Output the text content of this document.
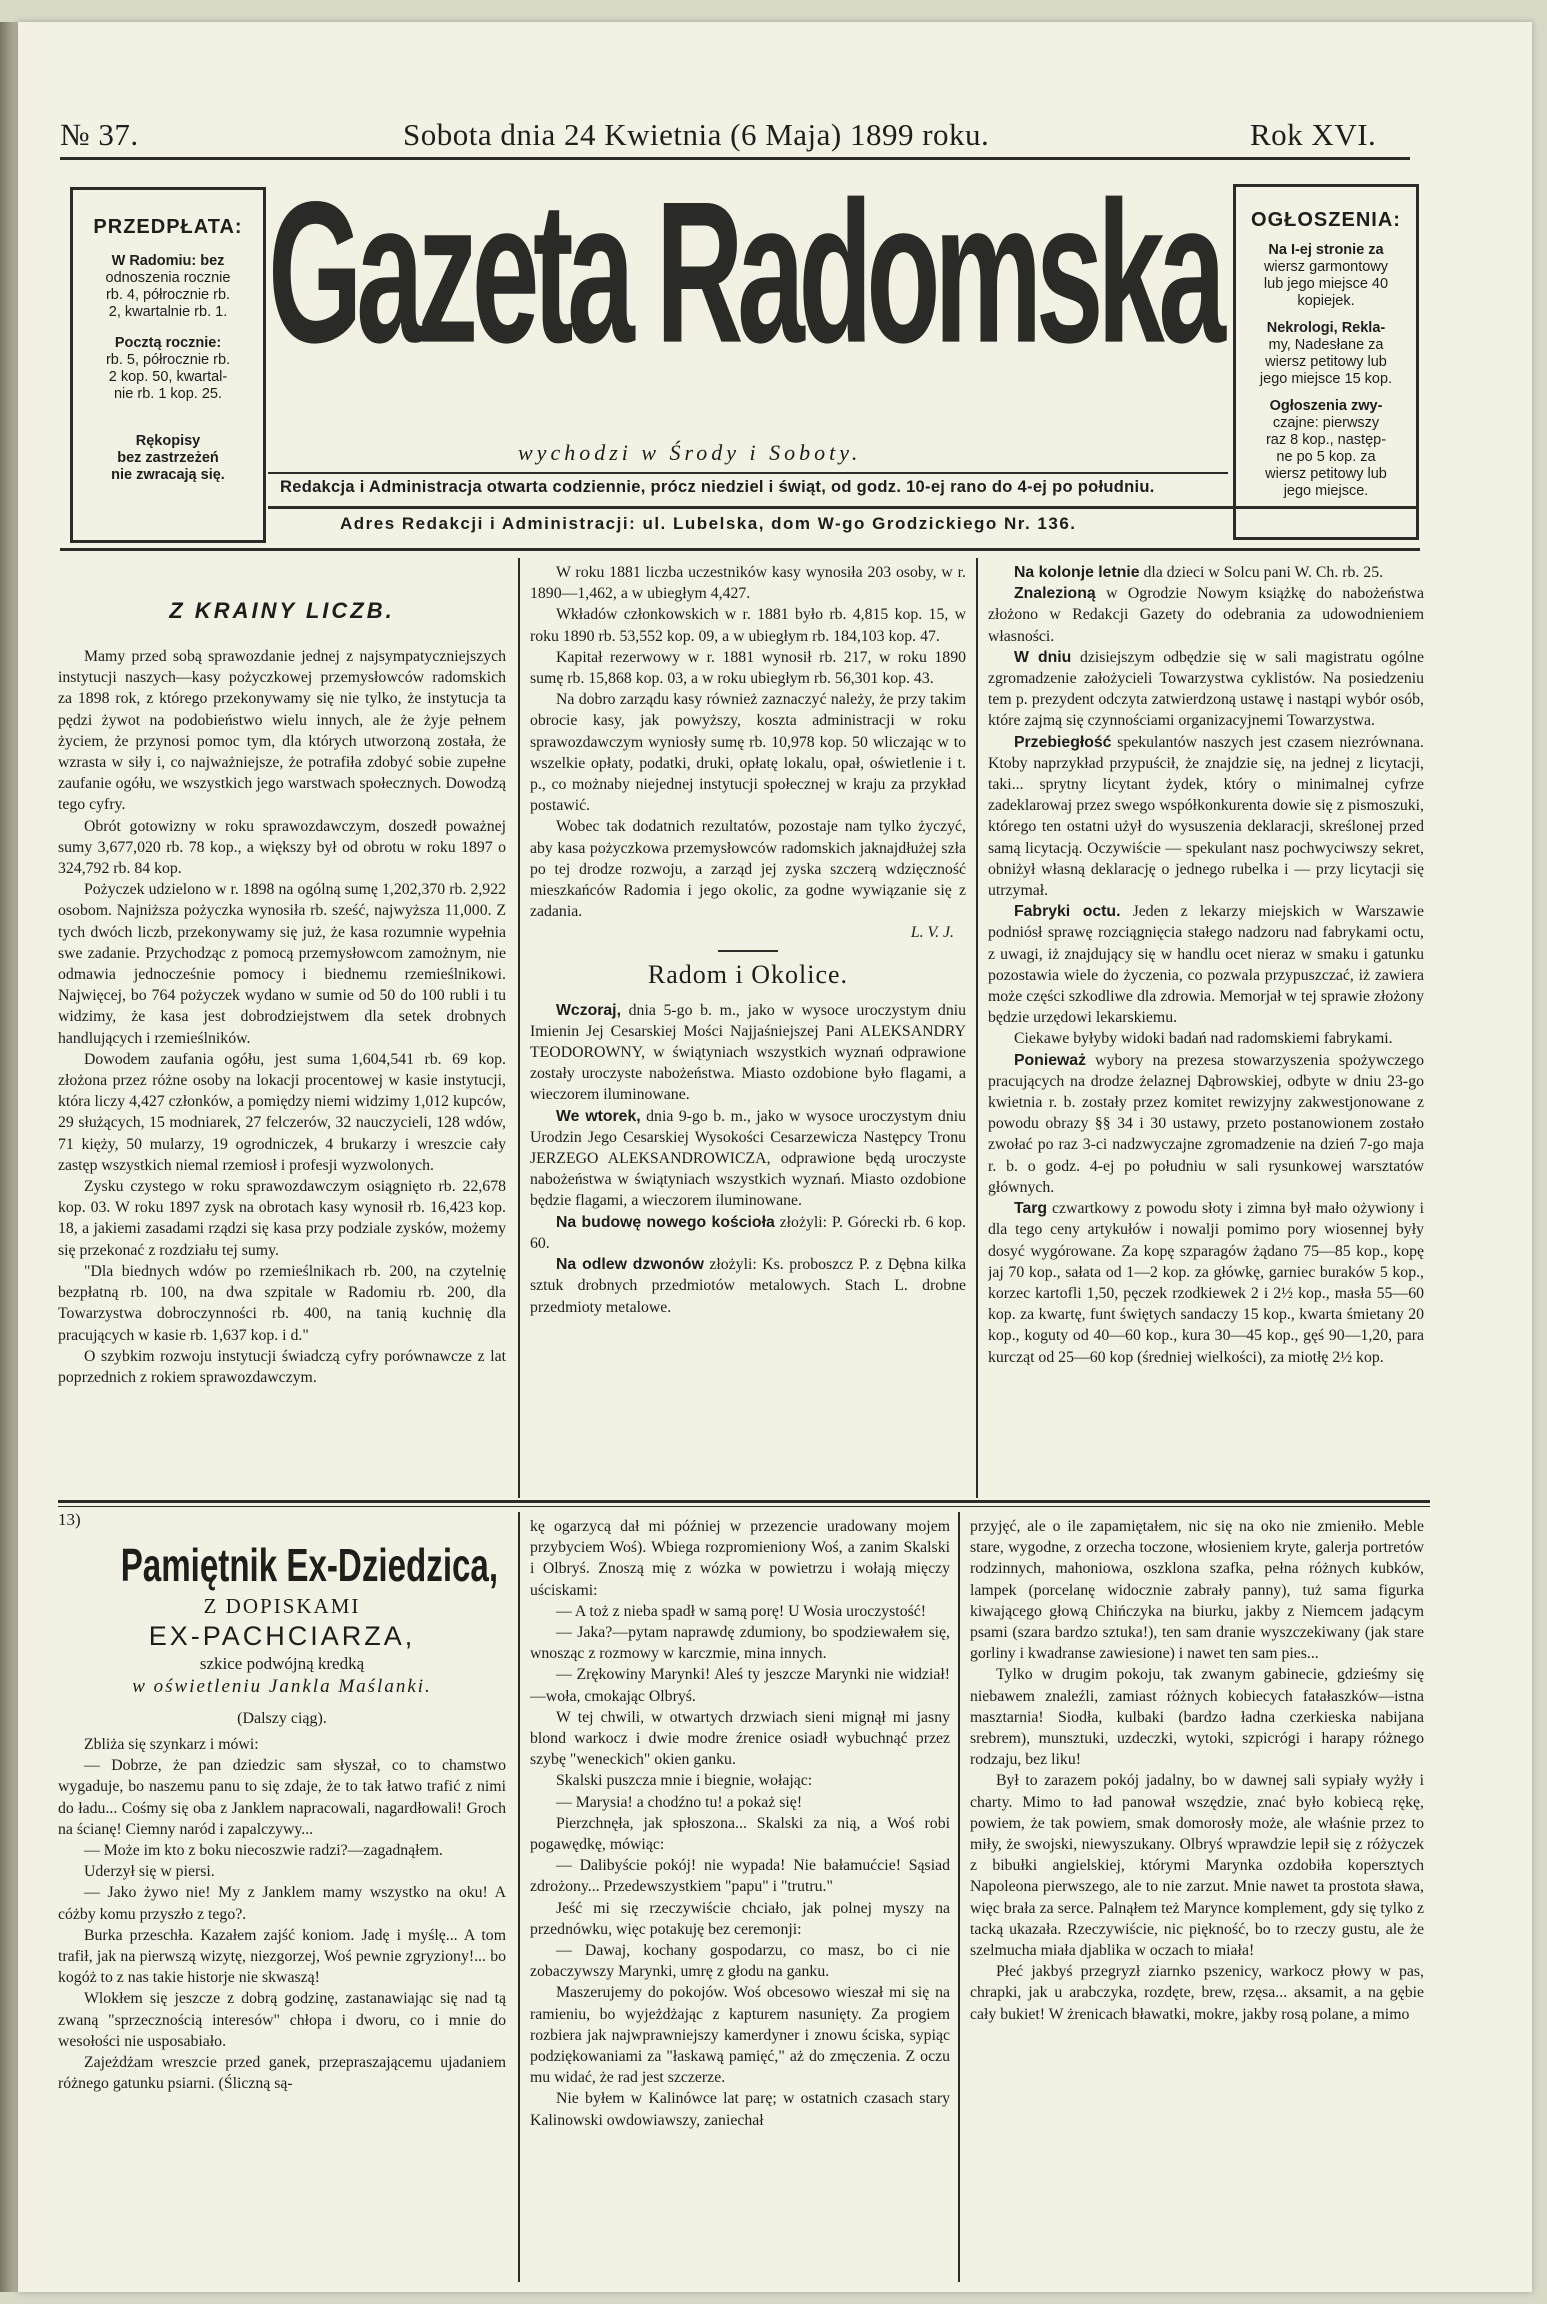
№ 37.	Sobota dnia 24 Kwietnia (6 Maja) 1899 roku.	Rok XVI.
PRZEDPŁATA:
W Radomiu: bez
odnoszenia rocznie
rb. 4, półrocznie rb.
2, kwartalnie rb. 1.
Pocztą rocznie:
rb. 5, półrocznie rb.
2 kop. 50, kwartal-
nie rb. 1 kop. 25.
Rękopisy
bez zastrzeżeń
nie zwracają się.
Gazeta Radomska
wychodzi w Środy i Soboty.
Redakcja i Administracja otwarta codziennie, prócz niedziel i świąt, od godz. 10-ej rano do 4-ej po południu.
Adres Redakcji i Administracji: ul. Lubelska, dom W-go Grodzickiego Nr. 136.
OGŁOSZENIA:
Na I-ej stronie za
wiersz garmontowy
lub jego miejsce 40
kopiejek.
Nekrologi, Rekla-
my, Nadesłane za
wiersz petitowy lub
jego miejsce 15 kop.
Ogłoszenia zwy-
czajne: pierwszy
raz 8 kop., następ-
ne po 5 kop. za
wiersz petitowy lub
jego miejsce.
Z KRAINY LICZB.

Mamy przed sobą sprawozdanie jednej z najsympatyczniejszych instytucji naszych—kasy pożyczkowej przemysłowców radomskich za 1898 rok, z którego przekonywamy się nie tylko, że instytucja ta pędzi żywot na podobieństwo wielu innych, ale że żyje pełnem życiem, że przynosi pomoc tym, dla których utworzoną została, że wzrasta w siły i, co najważniejsze, że potrafiła zdobyć sobie zupełne zaufanie ogółu, we wszystkich jego warstwach społecznych. Dowodzą tego cyfry.

Obrót gotowizny w roku sprawozdawczym, doszedł poważnej sumy 3,677,020 rb. 78 kop., a większy był od obrotu w roku 1897 o 324,792 rb. 84 kop.

Pożyczek udzielono w r. 1898 na ogólną sumę 1,202,370 rb. 2,922 osobom. Najniższa pożyczka wynosiła rb. sześć, najwyższa 11,000. Z tych dwóch liczb, przekonywamy się już, że kasa rozumnie wypełnia swe zadanie. Przychodząc z pomocą przemysłowcom zamożnym, nie odmawia jednocześnie pomocy i biednemu rzemieślnikowi. Najwięcej, bo 764 pożyczek wydano w sumie od 50 do 100 rubli i tu widzimy, że kasa jest dobrodziejstwem dla setek drobnych handlujących i rzemieślników.

Dowodem zaufania ogółu, jest suma 1,604,541 rb. 69 kop. złożona przez różne osoby na lokacji procentowej w kasie instytucji, która liczy 4,427 członków, a pomiędzy niemi widzimy 1,012 kupców, 29 służących, 15 modniarek, 27 felczerów, 32 nauczycieli, 128 wdów, 71 kięży, 50 mularzy, 19 ogrodniczek, 4 brukarzy i wreszcie cały zastęp wszystkich niemal rzemiosł i profesji wyzwolonych.

Zysku czystego w roku sprawozdawczym osiągnięto rb. 22,678 kop. 03. W roku 1897 zysk na obrotach kasy wynosił rb. 16,423 kop. 18, a jakiemi zasadami rządzi się kasa przy podziale zysków, możemy się przekonać z rozdziału tej sumy.

"Dla biednych wdów po rzemieślnikach rb. 200, na czytelnię bezpłatną rb. 100, na dwa szpitale w Radomiu rb. 200, dla Towarzystwa dobroczynności rb. 400, na tanią kuchnię dla pracujących w kasie rb. 1,637 kop. i d."

O szybkim rozwoju instytucji świadczą cyfry porównawcze z lat poprzednich z rokiem sprawozdawczym.

W roku 1881 liczba uczestników kasy wynosiła 203 osoby, w r. 1890—1,462, a w ubiegłym 4,427.

Wkładów członkowskich w r. 1881 było rb. 4,815 kop. 15, w roku 1890 rb. 53,552 kop. 09, a w ubiegłym rb. 184,103 kop. 47.

Kapitał rezerwowy w r. 1881 wynosił rb. 217, w roku 1890 sumę rb. 15,868 kop. 03, a w roku ubiegłym rb. 56,301 kop. 43.

Na dobro zarządu kasy również zaznaczyć należy, że przy takim obrocie kasy, jak powyższy, koszta administracji w roku sprawozdawczym wyniosły sumę rb. 10,978 kop. 50 wliczając w to wszelkie opłaty, podatki, druki, opłatę lokalu, opał, oświetlenie i t. p., co możnaby niejednej instytucji społecznej w kraju za przykład postawić.

Wobec tak dodatnich rezultatów, pozostaje nam tylko życzyć, aby kasa pożyczkowa przemysłowców radomskich jaknajdłużej szła po tej drodze rozwoju, a zarząd jej zyska szczerą wdzięczność mieszkańców Radomia i jego okolic, za godne wywiązanie się z zadania.

L. V. J.

Radom i Okolice.

Wczoraj, dnia 5-go b. m., jako w wysoce uroczystym dniu Imienin Jej Cesarskiej Mości Najjaśniejszej Pani ALEKSANDRY TEODOROWNY, w świątyniach wszystkich wyznań odprawione zostały uroczyste nabożeństwa. Miasto ozdobione było flagami, a wieczorem iluminowane.

We wtorek, dnia 9-go b. m., jako w wysoce uroczystym dniu Urodzin Jego Cesarskiej Wysokości Cesarzewicza Następcy Tronu JERZEGO ALEKSANDROWICZA, odprawione będą uroczyste nabożeństwa w świątyniach wszystkich wyznań. Miasto ozdobione będzie flagami, a wieczorem iluminowane.

Na budowę nowego kościoła złożyli: P. Górecki rb. 6 kop. 60.

Na odlew dzwonów złożyli: Ks. proboszcz P. z Dębna kilka sztuk drobnych przedmiotów metalowych. Stach L. drobne przedmioty metalowe.

Na kolonje letnie dla dzieci w Solcu pani W. Ch. rb. 25.

Znalezioną w Ogrodzie Nowym książkę do nabożeństwa złożono w Redakcji Gazety do odebrania za udowodnieniem własności.

W dniu dzisiejszym odbędzie się w sali magistratu ogólne zgromadzenie założycieli Towarzystwa cyklistów. Na posiedzeniu tem p. prezydent odczyta zatwierdzoną ustawę i nastąpi wybór osób, które zajmą się czynnościami organizacyjnemi Towarzystwa.

Przebiegłość spekulantów naszych jest czasem niezrównana. Ktoby naprzykład przypuścił, że znajdzie się, na jednej z licytacji, taki... sprytny licytant żydek, który o minimalnej cyfrze zadeklarowaj przez swego współkonkurenta dowie się z pismoszuki, którego ten ostatni użył do wysuszenia deklaracji, skreślonej przed samą licytacją. Oczywiście — spekulant nasz pochwyciwszy sekret, obniżył własną deklarację o jednego rubelka i — przy licytacji się utrzymał.

Fabryki octu. Jeden z lekarzy miejskich w Warszawie podniósł sprawę rozciągnięcia stałego nadzoru nad fabrykami octu, z uwagi, iż znajdujący się w handlu ocet nieraz w smaku i gatunku pozostawia wiele do życzenia, co pozwala przypuszczać, iż zawiera może części szkodliwe dla zdrowia. Memorjał w tej sprawie złożony będzie urzędowi lekarskiemu.

Ciekawe byłyby widoki badań nad radomskiemi fabrykami.

Ponieważ wybory na prezesa stowarzyszenia spożywczego pracujących na drodze żelaznej Dąbrowskiej, odbyte w dniu 23-go kwietnia r. b. zostały przez komitet rewizyjny zakwestjonowane z powodu obrazy §§ 34 i 30 ustawy, przeto postanowionem zostało zwołać po raz 3-ci nadzwyczajne zgromadzenie na dzień 7-go maja r. b. o godz. 4-ej po południu w sali rysunkowej warsztatów głównych.

Targ czwartkowy z powodu słoty i zimna był mało ożywiony i dla tego ceny artykułów i nowalji pomimo pory wiosennej były dosyć wygórowane. Za kopę szparagów żądano 75—85 kop., kopę jaj 70 kop., sałata od 1—2 kop. za główkę, garniec buraków 5 kop., korzec kartofli 1,50, pęczek rzodkiewek 2 i 2½ kop., masła 55—60 kop. za kwartę, funt świętych sandaczy 15 kop., kwarta śmietany 20 kop., koguty od 40—60 kop., kura 30—45 kop., gęś 90—1,20, para kurcząt od 25—60 kop (średniej wielkości), za miotłę 2½ kop.

13)
Pamiętnik Ex-Dziedzica,
Z DOPISKAMI
EX-PACHCIARZA,
szkice podwójną kredką
w oświetleniu Jankla Maślanki.
(Dalszy ciąg).

Zbliża się szynkarz i mówi:

— Dobrze, że pan dziedzic sam słyszał, co to chamstwo wygaduje, bo naszemu panu to się zdaje, że to tak łatwo trafić z nimi do ładu... Cośmy się oba z Janklem napracowali, nagardłowali! Groch na ścianę! Ciemny naród i zapalczywy...

— Może im kto z boku niecoszwie radzi?—zagadnąłem.

Uderzył się w piersi.

— Jako żywo nie! My z Janklem mamy wszystko na oku! A cóżby komu przyszło z tego?.

Burka przeschła. Kazałem zajść koniom. Jadę i myślę... A tom trafił, jak na pierwszą wizytę, niezgorzej, Woś pewnie zgryziony!... bo kogóż to z nas takie historje nie skwaszą!

Wlokłem się jeszcze z dobrą godzinę, zastanawiając się nad tą zwaną "sprzecznością interesów" chłopa i dworu, co i mnie do wesołości nie usposabiało.

Zajeżdżam wreszcie przed ganek, przepraszającemu ujadaniem różnego gatunku psiarni. (Śliczną są-

kę ogarzycą dał mi później w przezencie uradowany mojem przybyciem Woś). Wbiega rozpromieniony Woś, a zanim Skalski i Olbryś. Znoszą mię z wózka w powietrzu i wołają mięczy uściskami:

— A toż z nieba spadł w samą porę! U Wosia uroczystość!

— Jaka?—pytam naprawdę zdumiony, bo spodziewałem się, wnosząc z rozmowy w karczmie, mina innych.

— Zrękowiny Marynki! Aleś ty jeszcze Marynki nie widział!—woła, cmokając Olbryś.

W tej chwili, w otwartych drzwiach sieni mignął mi jasny blond warkocz i dwie modre źrenice osiadł wybuchnąć przez szybę "weneckich" okien ganku.

Skalski puszcza mnie i biegnie, wołając:

— Marysia! a chodźno tu! a pokaż się!

Pierzchnęła, jak spłoszona... Skalski za nią, a Woś robi pogawędkę, mówiąc:

— Dalibyście pokój! nie wypada! Nie bałamućcie! Sąsiad zdrożony... Przedewszystkiem "papu" i "trutru."

Jeść mi się rzeczywiście chciało, jak polnej myszy na przednówku, więc potakuję bez ceremonji:

— Dawaj, kochany gospodarzu, co masz, bo ci nie zobaczywszy Marynki, umrę z głodu na ganku.

Maszerujemy do pokojów. Woś obcesowo wieszał mi się na ramieniu, bo wyjeżdżając z kapturem nasunięty. Za progiem rozbiera jak najwprawniejszy kamerdyner i znowu ściska, sypiąc podziękowaniami za "łaskawą pamięć," aż do zmęczenia. Z oczu mu widać, że rad jest szczerze.

Nie byłem w Kalinówce lat parę; w ostatnich czasach stary Kalinowski owdowiawszy, zaniechał

przyjęć, ale o ile zapamiętałem, nic się na oko nie zmieniło. Meble stare, wygodne, z orzecha toczone, włosieniem kryte, galerja portretów rodzinnych, mahoniowa, oszklona szafka, pełna różnych kubków, lampek (porcelanę widocznie zabrały panny), tuż sama figurka kiwającego głową Chińczyka na biurku, jakby z Niemcem jadącym psami (szara bardzo sztuka!), ten sam dranie wyszczekiwany (jak stare gorliny i kwadranse zawiesione) i nawet ten sam pies...

Tylko w drugim pokoju, tak zwanym gabinecie, gdzieśmy się niebawem znaleźli, zamiast różnych kobiecych fatałaszków—istna masztarnia! Siodła, kulbaki (bardzo ładna czerkieska nabijana srebrem), munsztuki, uzdeczki, wytoki, szpicrógi i harapy różnego rodzaju, bez liku!

Był to zarazem pokój jadalny, bo w dawnej sali sypiały wyżły i charty. Mimo to ład panował wszędzie, znać było kobiecą rękę, powiem, że tak powiem, smak domorosły może, ale właśnie przez to miły, że swojski, niewyszukany. Olbryś wprawdzie lepił się z różyczek z bibułki angielskiej, którymi Marynka ozdobiła kopersztych Napoleona pierwszego, ale to nie zarzut. Mnie nawet ta prostota sława, więc brała za serce. Palnąłem też Marynce komplement, gdy się tylko z tacką ukazała. Rzeczywiście, nic piękność, bo to rzeczy gustu, ale że szelmucha miała djablika w oczach to miała!

Płeć jakbyś przegryzł ziarnko pszenicy, warkocz płowy w pas, chrapki, jak u arabczyka, rozdęte, brew, rzęsa... aksamit, a na gębie cały bukiet! W żrenicach bławatki, mokre, jakby rosą polane, a mimo
